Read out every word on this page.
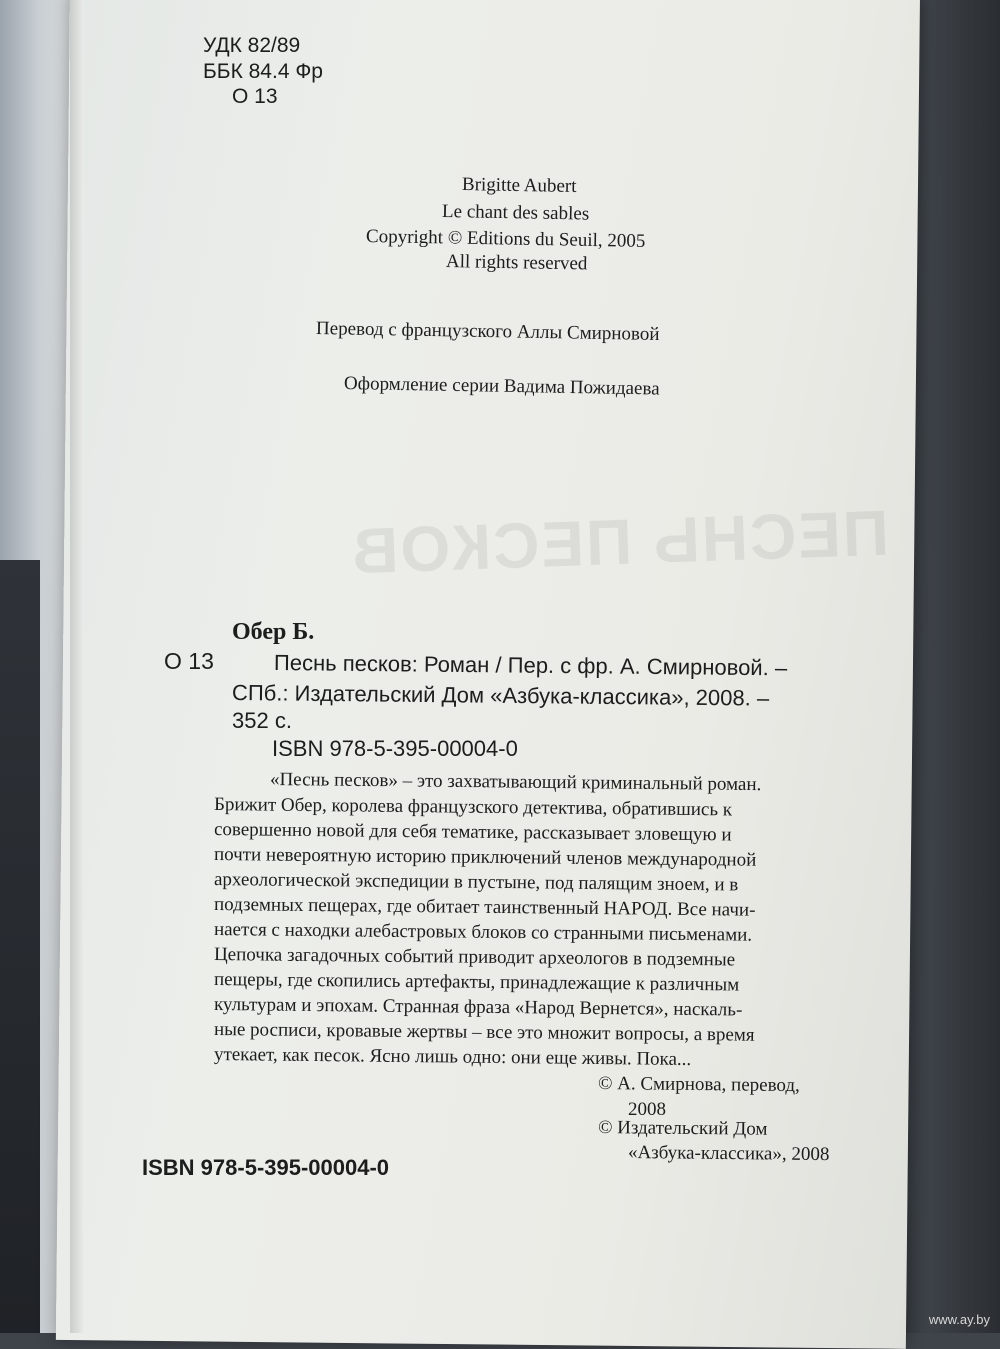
ПЕСНЬ ПЕСКОВ
УДК 82/89
ББК 84.4 Фр
О 13
Brigitte Aubert
Le chant des sables
Copyright © Editions du Seuil, 2005
All rights reserved
Перевод с французского Аллы Смирновой
Оформление серии Вадима Пожидаева
Обер Б.
О 13	Песнь песков: Роман / Пер. с фр. А. Смирновой. –
СПб.: Издательский Дом «Азбука-классика», 2008. –
352 с.
ISBN 978-5-395-00004-0
«Песнь песков» – это захватывающий криминальный роман.
Брижит Обер, королева французского детектива, обратившись к
совершенно новой для себя тематике, рассказывает зловещую и
почти невероятную историю приключений членов международной
археологической экспедиции в пустыне, под палящим зноем, и в
подземных пещерах, где обитает таинственный НАРОД. Все начи-
нается с находки алебастровых блоков со странными письменами.
Цепочка загадочных событий приводит археологов в подземные
пещеры, где скопились артефакты, принадлежащие к различным
культурам и эпохам. Странная фраза «Народ Вернется», наскаль-
ные росписи, кровавые жертвы – все это множит вопросы, а время
утекает, как песок. Ясно лишь одно: они еще живы. Пока...
© А. Смирнова, перевод,
2008
© Издательский Дом
«Азбука-классика», 2008
ISBN 978-5-395-00004-0
www.ay.by
